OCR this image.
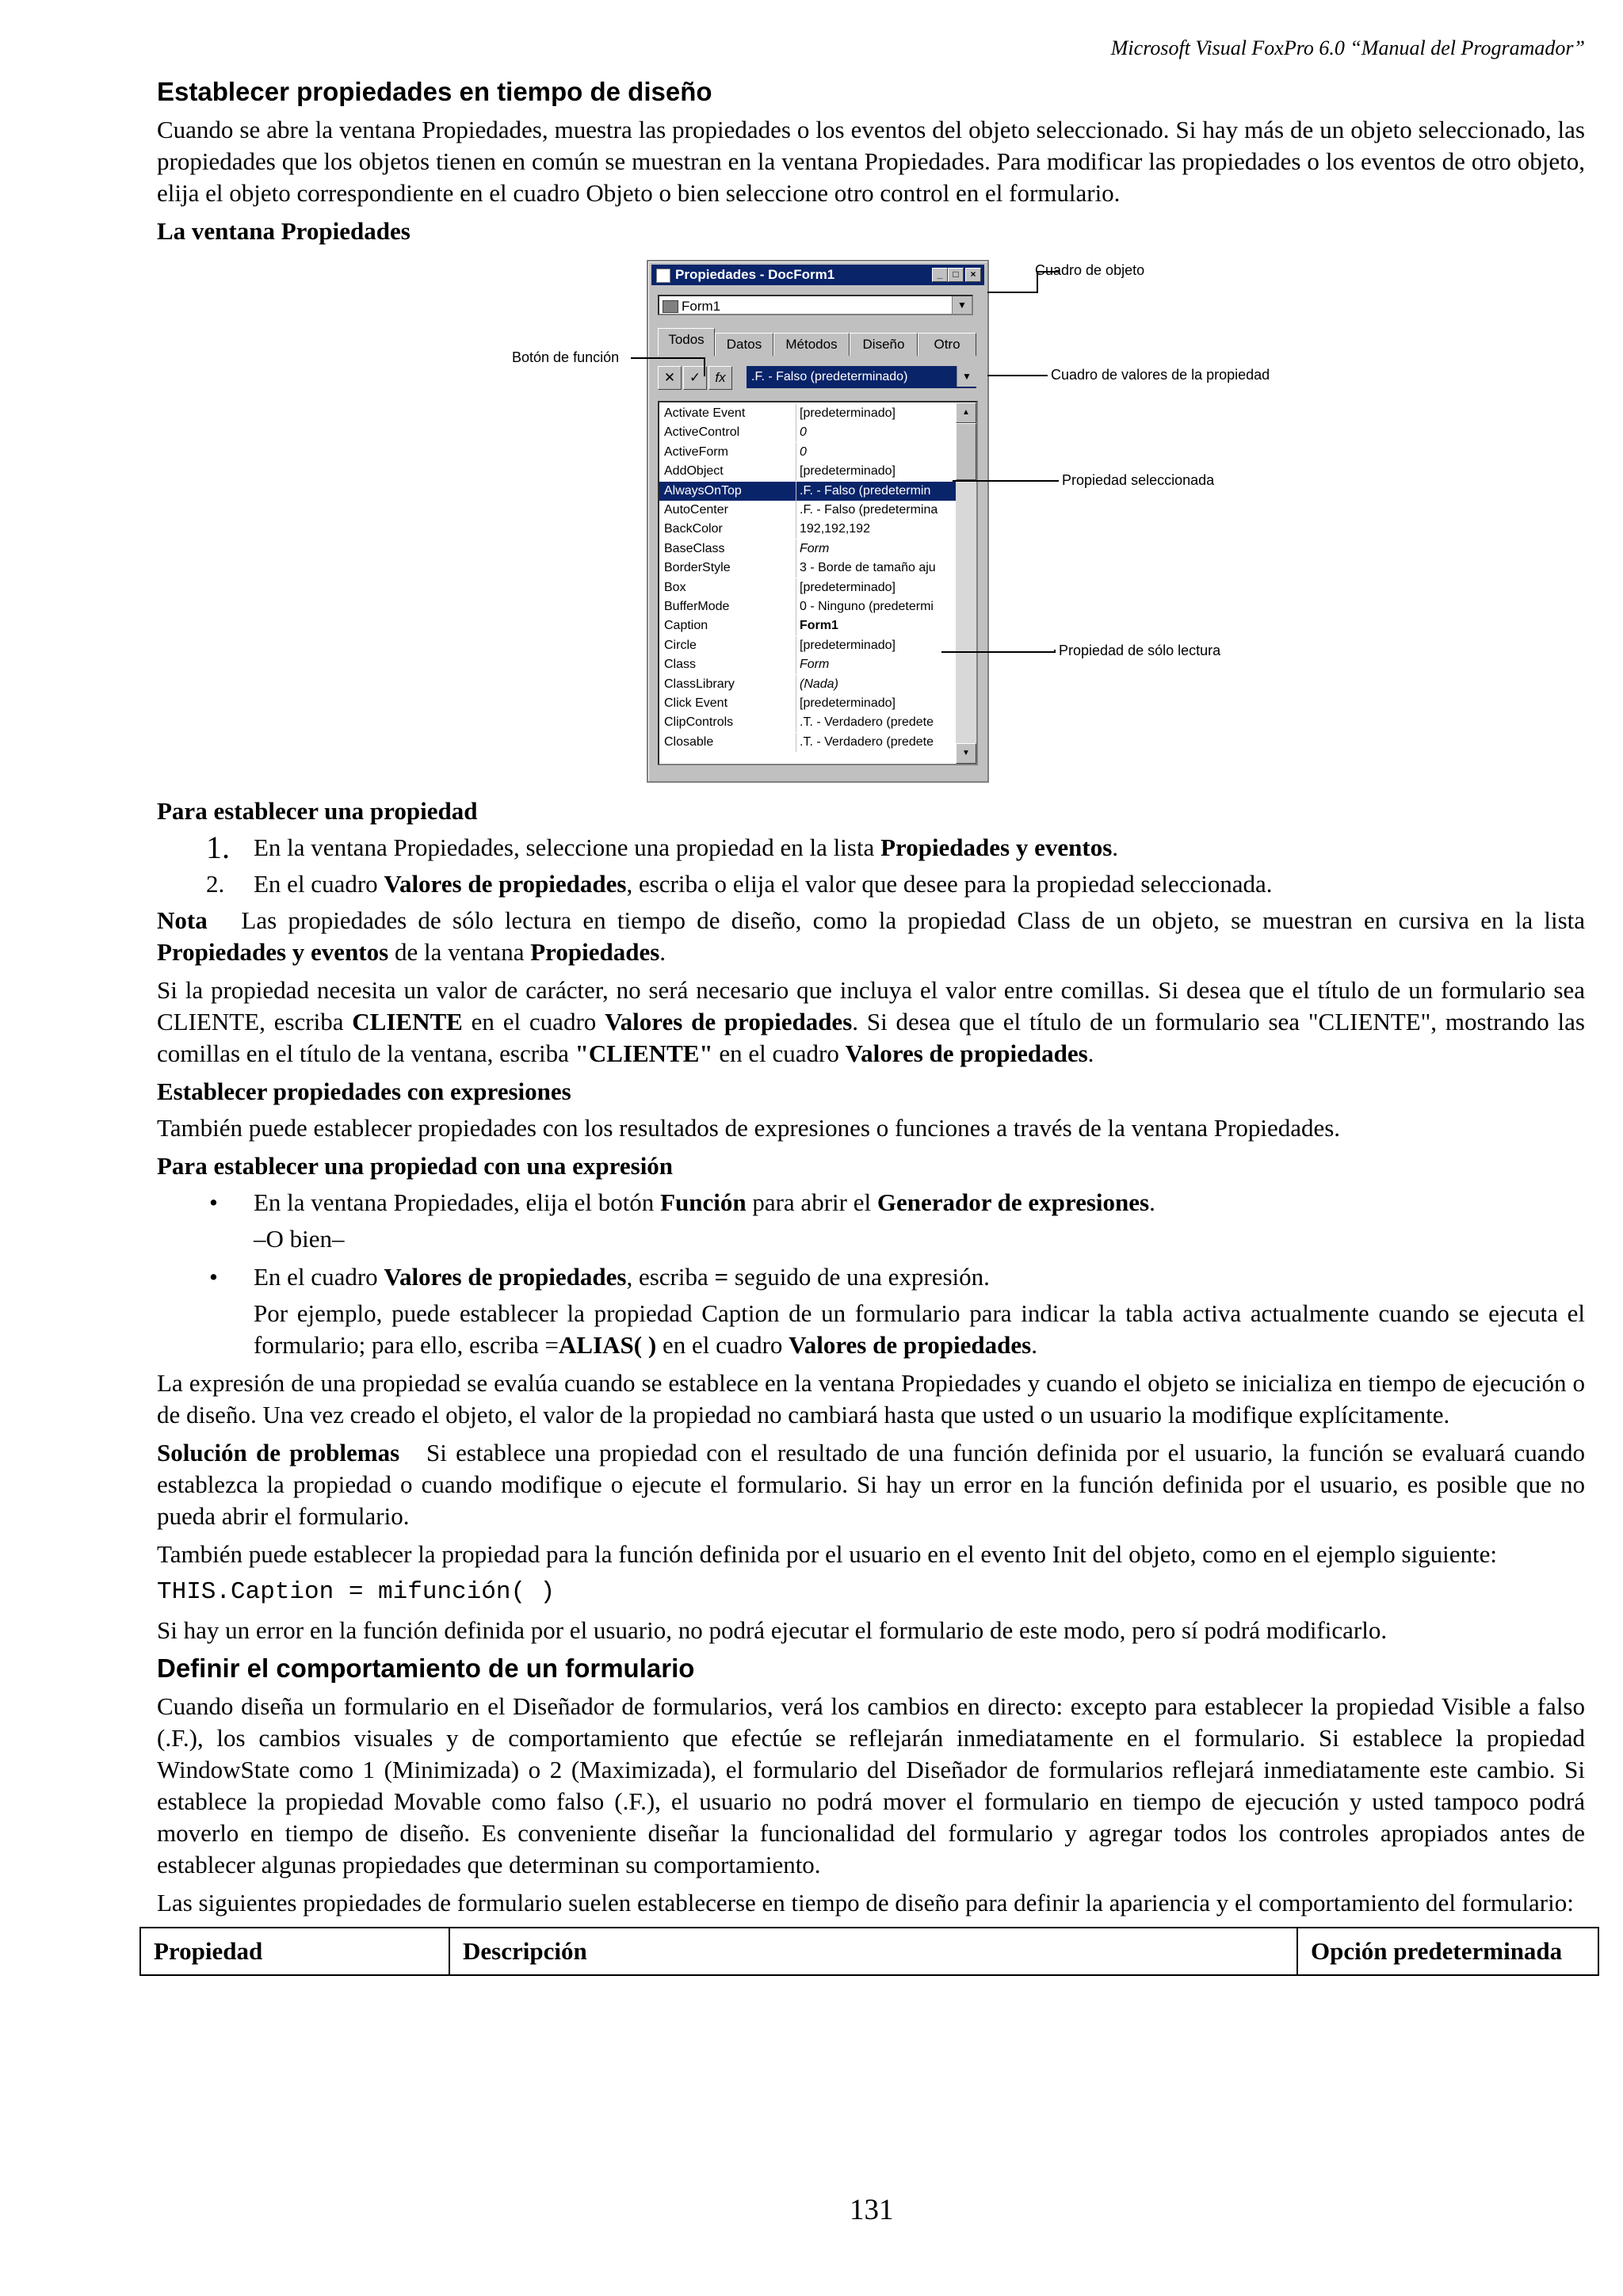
Microsoft Visual FoxPro 6.0 “Manual del Programador”
Establecer propiedades en tiempo de diseño

Cuando se abre la ventana Propiedades, muestra las propiedades o los eventos del objeto seleccionado. Si hay más de un objeto seleccionado, las propiedades que los objetos tienen en común se muestran en la ventana Propiedades. Para modificar las propiedades o los eventos de otro objeto, elija el objeto correspondiente en el cuadro Objeto o bien seleccione otro control en el formulario.

La ventana Propiedades

Propiedades - DocForm1	_	□	×
Form1	▼
Todos	Datos	Métodos	Diseño	Otro
✕	✓	fx	.F. - Falso (predeterminado)	▼
Activate Event	[predeterminado]
ActiveControl	0
ActiveForm	0
AddObject	[predeterminado]
AlwaysOnTop	.F. - Falso (predetermin
AutoCenter	.F. - Falso (predetermina
BackColor	192,192,192
BaseClass	Form
BorderStyle	3 - Borde de tamaño aju
Box	[predeterminado]
BufferMode	0 - Ninguno (predetermi
Caption	Form1
Circle	[predeterminado]
Class	Form
ClassLibrary	(Nada)
Click Event	[predeterminado]
ClipControls	.T. - Verdadero (predete
Closable	.T. - Verdadero (predete
▲
▼
Cuadro de objeto
Botón de función
Cuadro de valores de la propiedad
Propiedad seleccionada
Propiedad de sólo lectura

Para establecer una propiedad

1. En la ventana Propiedades, seleccione una propiedad en la lista Propiedades y eventos.
2. En el cuadro Valores de propiedades, escriba o elija el valor que desee para la propiedad seleccionada.

Nota Las propiedades de sólo lectura en tiempo de diseño, como la propiedad Class de un objeto, se muestran en cursiva en la lista Propiedades y eventos de la ventana Propiedades.

Si la propiedad necesita un valor de carácter, no será necesario que incluya el valor entre comillas. Si desea que el título de un formulario sea CLIENTE, escriba CLIENTE en el cuadro Valores de propiedades. Si desea que el título de un formulario sea "CLIENTE", mostrando las comillas en el título de la ventana, escriba "CLIENTE" en el cuadro Valores de propiedades.

Establecer propiedades con expresiones

También puede establecer propiedades con los resultados de expresiones o funciones a través de la ventana Propiedades.

Para establecer una propiedad con una expresión

• En la ventana Propiedades, elija el botón Función para abrir el Generador de expresiones.

–O bien–

• En el cuadro Valores de propiedades, escriba = seguido de una expresión.

Por ejemplo, puede establecer la propiedad Caption de un formulario para indicar la tabla activa actualmente cuando se ejecuta el formulario; para ello, escriba =ALIAS( ) en el cuadro Valores de propiedades.

La expresión de una propiedad se evalúa cuando se establece en la ventana Propiedades y cuando el objeto se inicializa en tiempo de ejecución o de diseño. Una vez creado el objeto, el valor de la propiedad no cambiará hasta que usted o un usuario la modifique explícitamente.

Solución de problemas Si establece una propiedad con el resultado de una función definida por el usuario, la función se evaluará cuando establezca la propiedad o cuando modifique o ejecute el formulario. Si hay un error en la función definida por el usuario, es posible que no pueda abrir el formulario.

También puede establecer la propiedad para la función definida por el usuario en el evento Init del objeto, como en el ejemplo siguiente:

THIS.Caption = mifunción( )

Si hay un error en la función definida por el usuario, no podrá ejecutar el formulario de este modo, pero sí podrá modificarlo.

Definir el comportamiento de un formulario

Cuando diseña un formulario en el Diseñador de formularios, verá los cambios en directo: excepto para establecer la propiedad Visible a falso (.F.), los cambios visuales y de comportamiento que efectúe se reflejarán inmediatamente en el formulario. Si establece la propiedad WindowState como 1 (Minimizada) o 2 (Maximizada), el formulario del Diseñador de formularios reflejará inmediatamente este cambio. Si establece la propiedad Movable como falso (.F.), el usuario no podrá mover el formulario en tiempo de ejecución y usted tampoco podrá moverlo en tiempo de diseño. Es conveniente diseñar la funcionalidad del formulario y agregar todos los controles apropiados antes de establecer algunas propiedades que determinan su comportamiento.

Las siguientes propiedades de formulario suelen establecerse en tiempo de diseño para definir la apariencia y el comportamiento del formulario:

Propiedad	Descripción	Opción predeterminada
131
